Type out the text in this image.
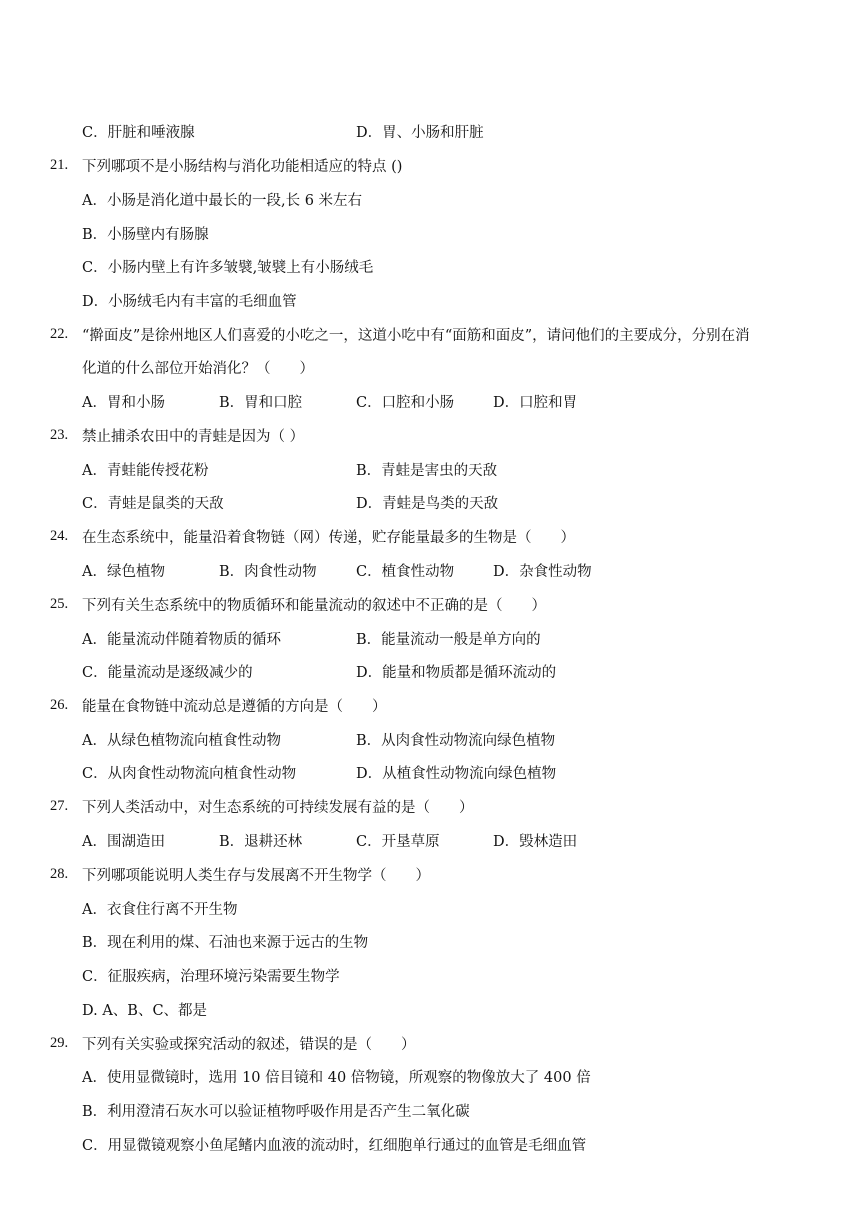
C．肝脏和唾液腺	D．胃、小肠和肝脏
21. 下列哪项不是小肠结构与消化功能相适应的特点 ()
A．小肠是消化道中最长的一段,长 6 米左右
B．小肠壁内有肠腺
C．小肠内壁上有许多皱襞,皱襞上有小肠绒毛
D．小肠绒毛内有丰富的毛细血管
22. “擀面皮”是徐州地区人们喜爱的小吃之一，这道小吃中有“面筋和面皮”，请问他们的主要成分，分别在消
化道的什么部位开始消化？（　　）
A．胃和小肠	B．胃和口腔	C．口腔和小肠	D．口腔和胃
23. 禁止捕杀农田中的青蛙是因为（ ）
A．青蛙能传授花粉	B．青蛙是害虫的天敌
C．青蛙是鼠类的天敌	D．青蛙是鸟类的天敌
24. 在生态系统中，能量沿着食物链（网）传递，贮存能量最多的生物是（　　）
A．绿色植物	B．肉食性动物	C．植食性动物	D．杂食性动物
25. 下列有关生态系统中的物质循环和能量流动的叙述中不正确的是（　　）
A．能量流动伴随着物质的循环	B．能量流动一般是单方向的
C．能量流动是逐级减少的	D．能量和物质都是循环流动的
26. 能量在食物链中流动总是遵循的方向是（　　）
A．从绿色植物流向植食性动物	B．从肉食性动物流向绿色植物
C．从肉食性动物流向植食性动物	D．从植食性动物流向绿色植物
27. 下列人类活动中，对生态系统的可持续发展有益的是（　　）
A．围湖造田	B．退耕还林	C．开垦草原	D．毁林造田
28. 下列哪项能说明人类生存与发展离不开生物学（　　）
A．衣食住行离不开生物
B．现在利用的煤、石油也来源于远古的生物
C．征服疾病，治理环境污染需要生物学
D. A、B、C、都是
29. 下列有关实验或探究活动的叙述，错误的是（　　）
A．使用显微镜时，选用 10 倍目镜和 40 倍物镜，所观察的物像放大了 400 倍
B．利用澄清石灰水可以验证植物呼吸作用是否产生二氧化碳
C．用显微镜观察小鱼尾鳍内血液的流动时，红细胞单行通过的血管是毛细血管
